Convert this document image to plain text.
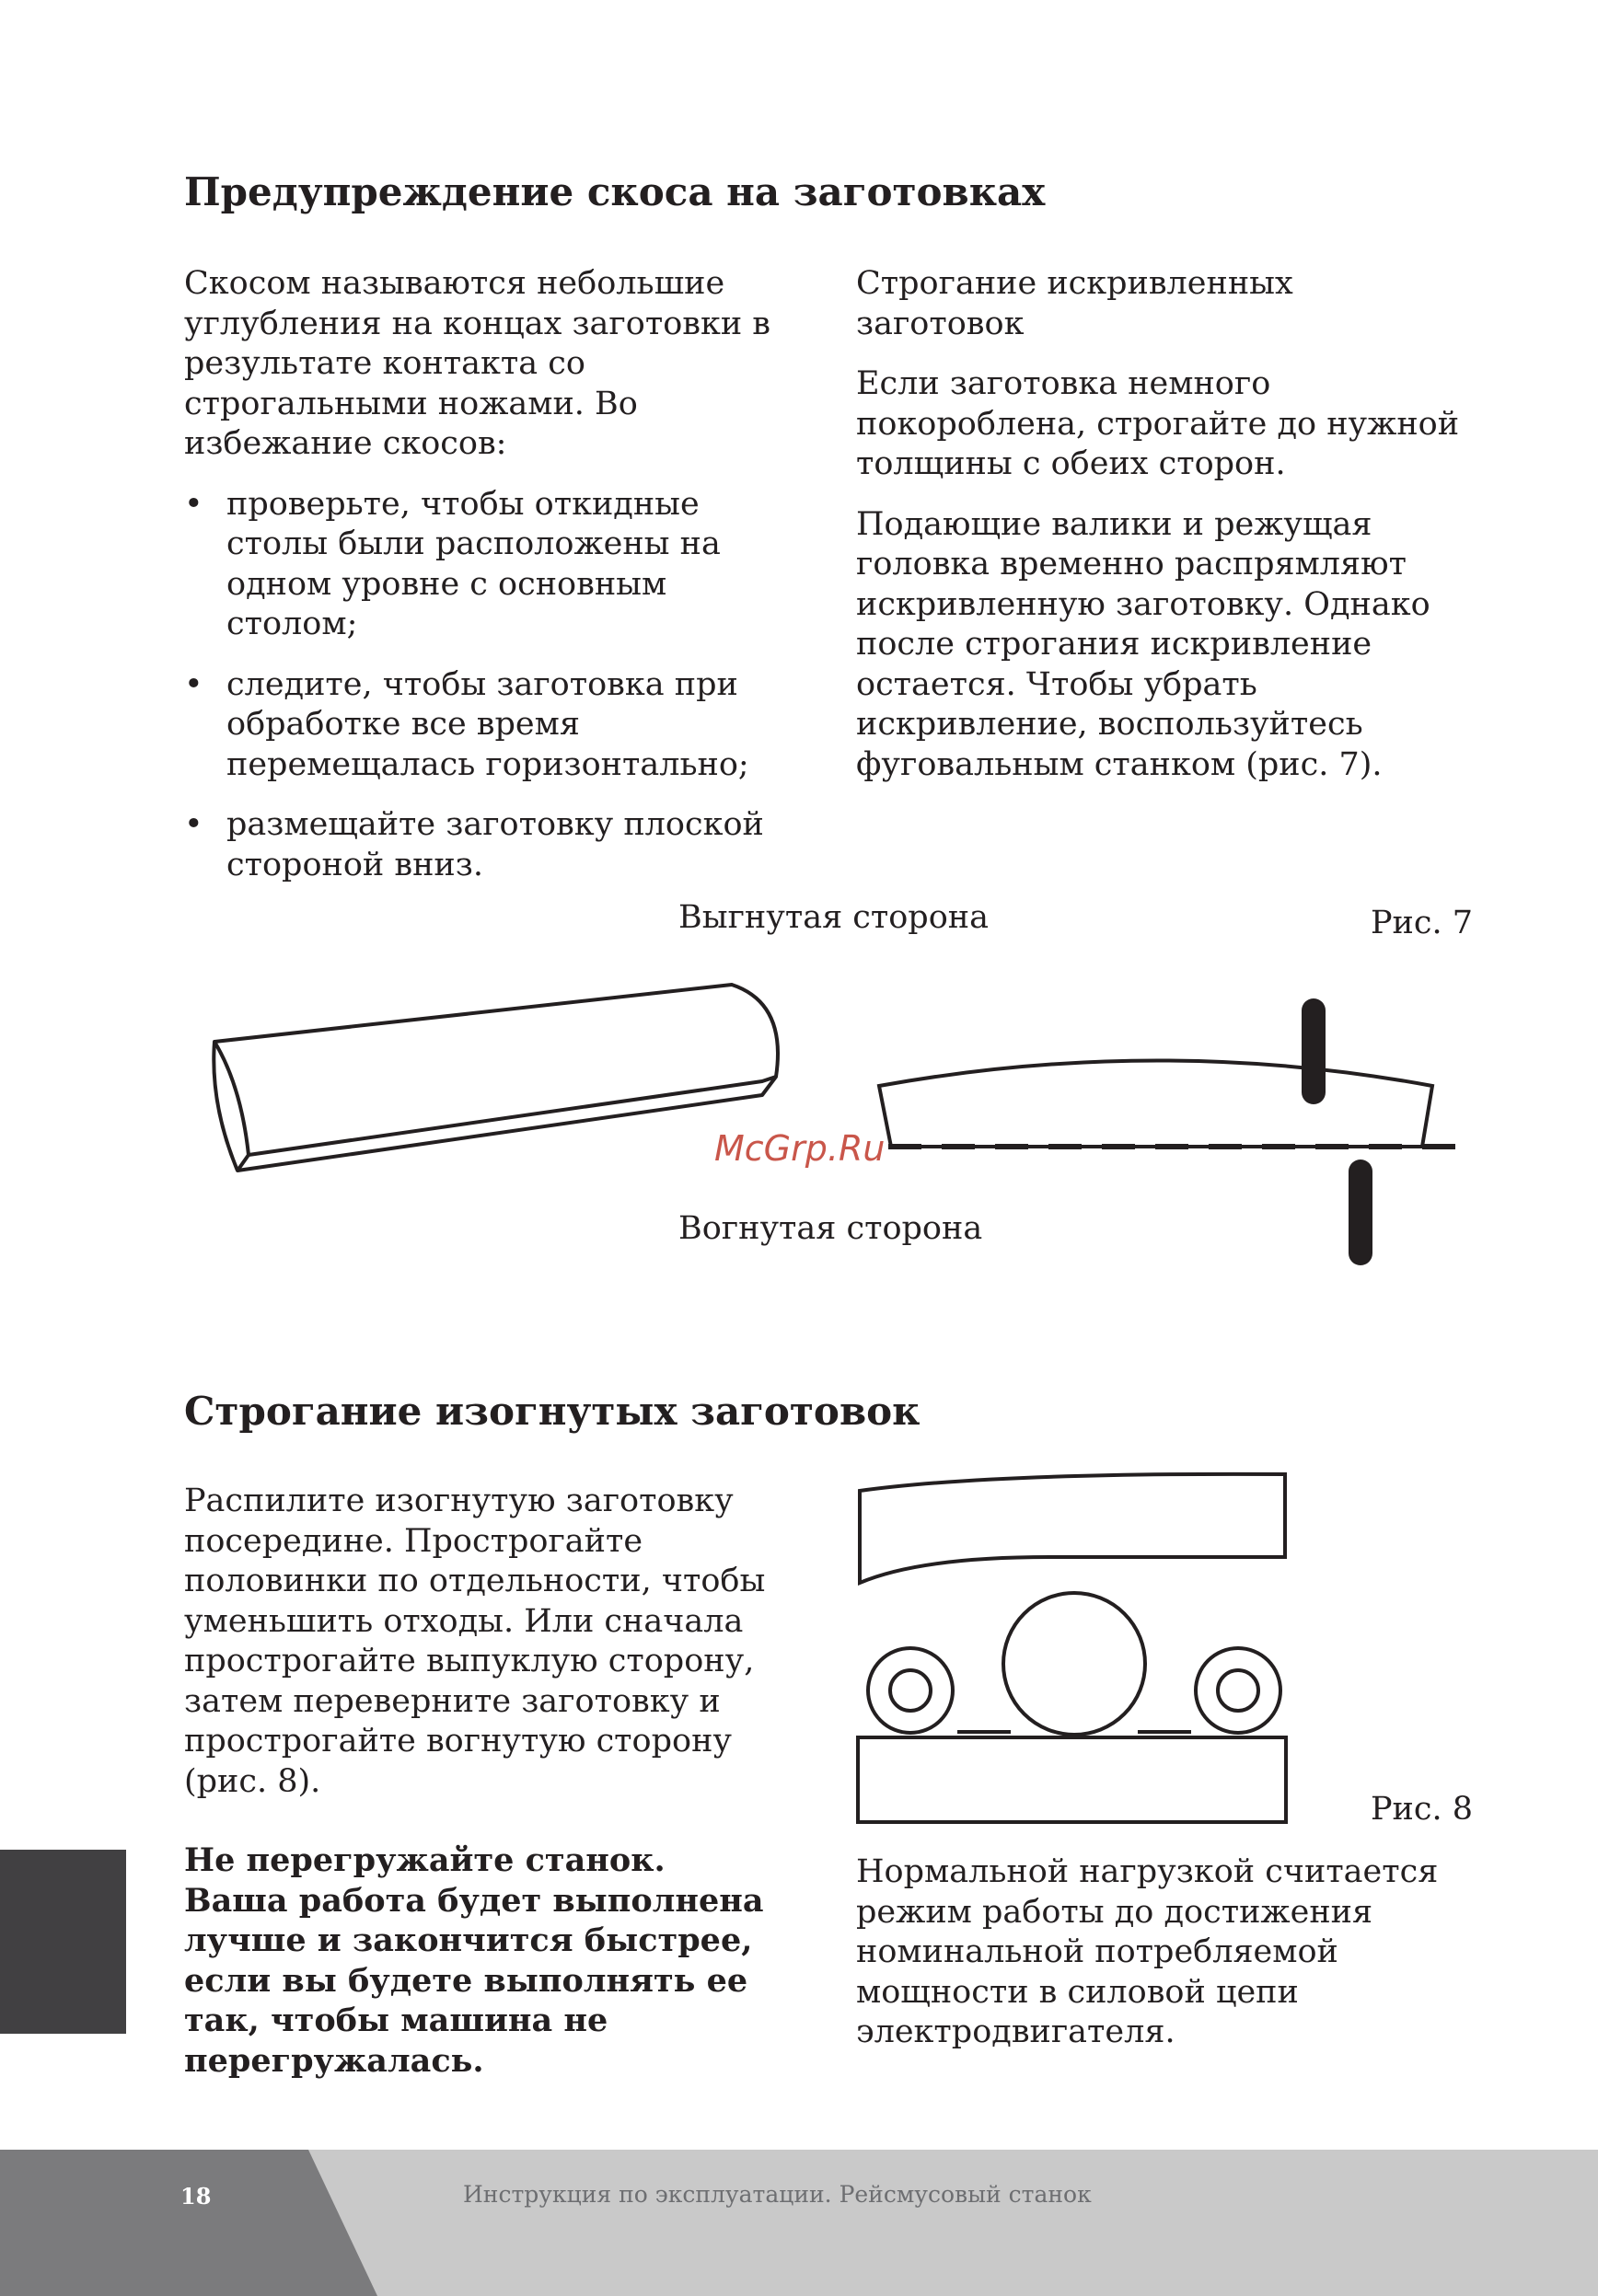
Предупреждение скоса на заготовках

Скосом называются небольшие углубления на концах заготовки в результате контакта со строгальными ножами. Во избежание скосов:

• проверьте, чтобы откидные столы были расположены на одном уровне с основным столом;
• следите, чтобы заготовка при обработке все время перемещалась горизонтально;
• размещайте заготовку плоской стороной вниз.

Строгание искривленных заготовок

Если заготовка немного покороблена, строгайте до нужной толщины с обеих сторон.

Подающие валики и режущая головка временно распрямляют искривленную заготовку. Однако после строгания искривление остается. Чтобы убрать искривление, воспользуйтесь фуговальным станком (рис. 7).

Выгнутая сторона	Рис. 7
Вогнутая сторона
McGrp.Ru
Строгание изогнутых заготовок

Распилите изогнутую заготовку посередине. Прострогайте половинки по отдельности, чтобы уменьшить отходы. Или сначала прострогайте выпуклую сторону, затем переверните заготовку и прострогайте вогнутую сторону (рис. 8).

Не перегружайте станок. Ваша работа будет выполнена лучше и закончится быстрее, если вы будете выполнять ее так, чтобы машина не перегружалась.

Рис. 8

Нормальной нагрузкой считается режим работы до достижения номинальной потребляемой мощности в силовой цепи электродвигателя.

18	Инструкция по эксплуатации. Рейсмусовый станок
